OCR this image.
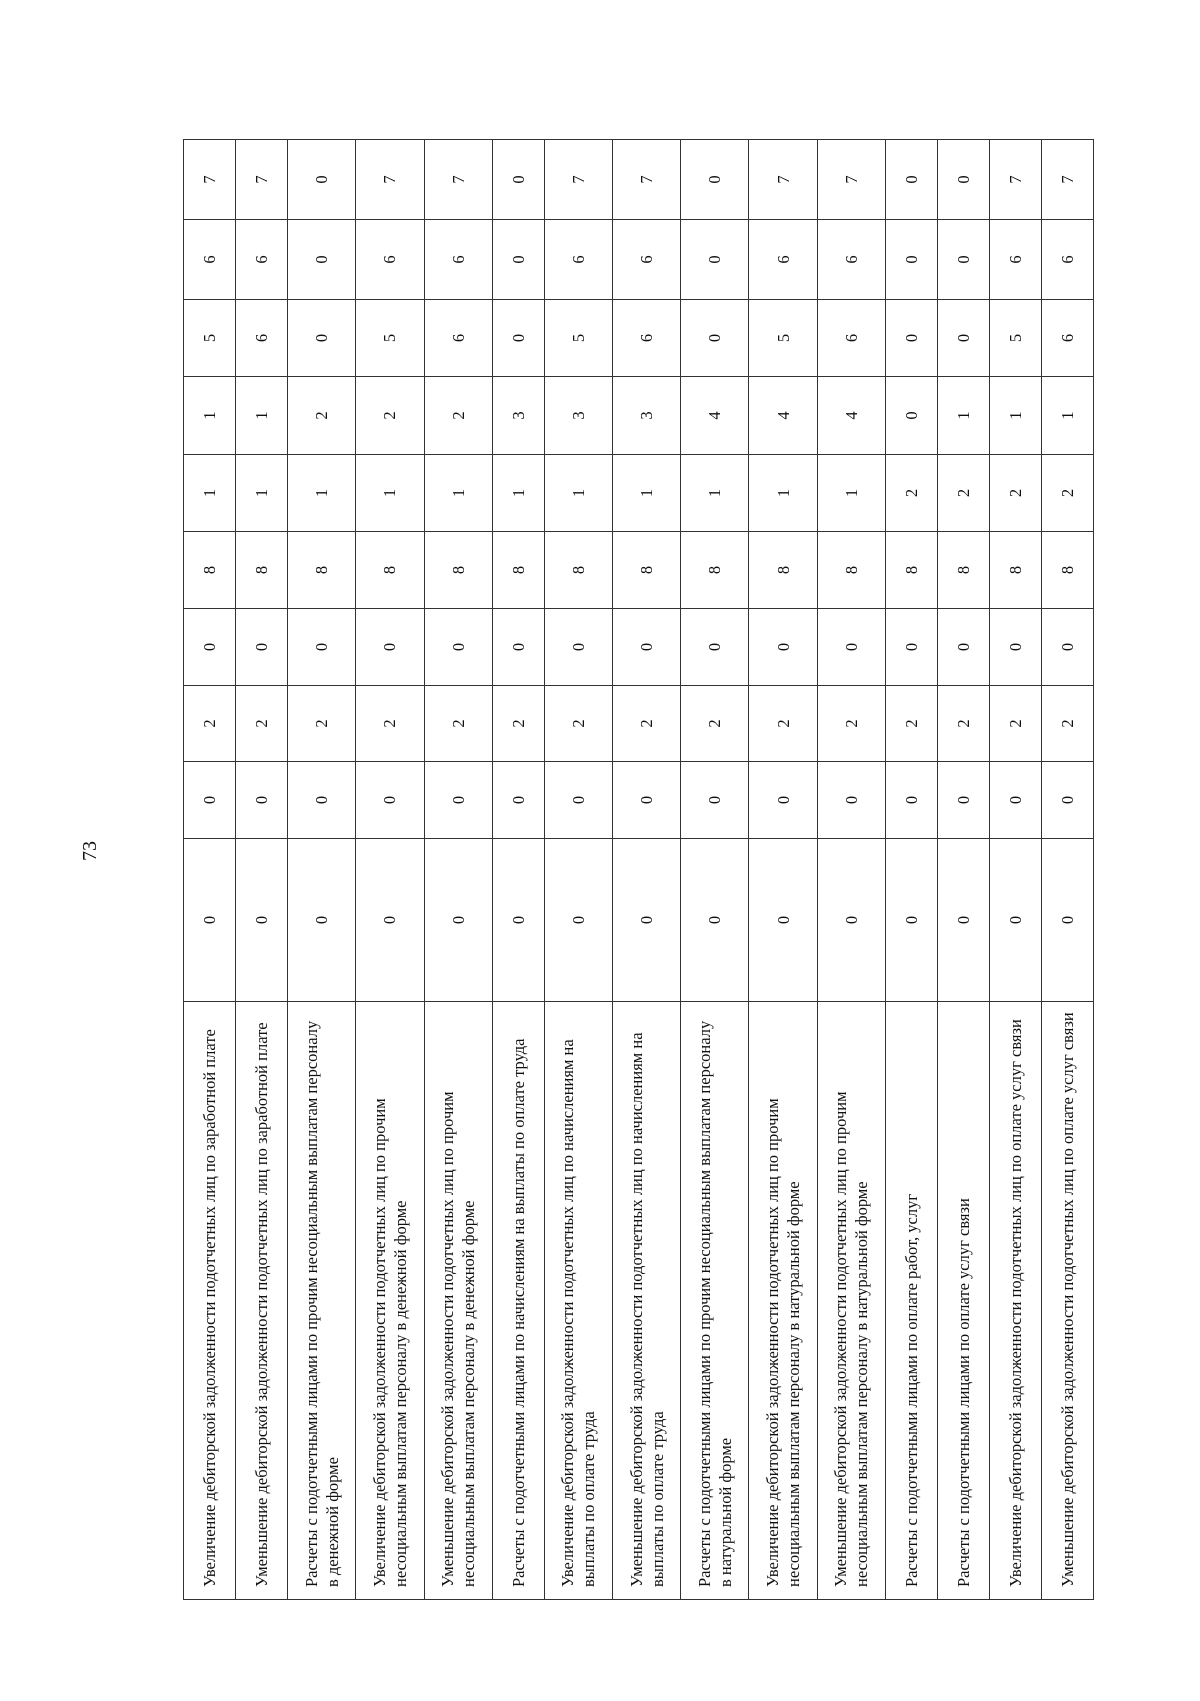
73
Увеличение дебиторской задолженности подотчетных лиц по заработной плате	0	0	2	0	8	1	1	5	6	7
Уменьшение дебиторской задолженности подотчетных лиц по заработной плате	0	0	2	0	8	1	1	6	6	7
Расчеты с подотчетными лицами по прочим несоциальным выплатам персоналу в денежной форме	0	0	2	0	8	1	2	0	0	0
Увеличение дебиторской задолженности подотчетных лиц по прочим несоциальным выплатам персоналу в денежной форме	0	0	2	0	8	1	2	5	6	7
Уменьшение дебиторской задолженности подотчетных лиц по прочим несоциальным выплатам персоналу в денежной форме	0	0	2	0	8	1	2	6	6	7
Расчеты с подотчетными лицами по начислениям на выплаты по оплате труда	0	0	2	0	8	1	3	0	0	0
Увеличение дебиторской задолженности подотчетных лиц по начислениям на выплаты по оплате труда	0	0	2	0	8	1	3	5	6	7
Уменьшение дебиторской задолженности подотчетных лиц по начислениям на выплаты по оплате труда	0	0	2	0	8	1	3	6	6	7
Расчеты с подотчетными лицами по прочим несоциальным выплатам персоналу в натуральной форме	0	0	2	0	8	1	4	0	0	0
Увеличение дебиторской задолженности подотчетных лиц по прочим несоциальным выплатам персоналу в натуральной форме	0	0	2	0	8	1	4	5	6	7
Уменьшение дебиторской задолженности подотчетных лиц по прочим несоциальным выплатам персоналу в натуральной форме	0	0	2	0	8	1	4	6	6	7
Расчеты с подотчетными лицами по оплате работ, услуг	0	0	2	0	8	2	0	0	0	0
Расчеты с подотчетными лицами по оплате услуг связи	0	0	2	0	8	2	1	0	0	0
Увеличение дебиторской задолженности подотчетных лиц по оплате услуг связи	0	0	2	0	8	2	1	5	6	7
Уменьшение дебиторской задолженности подотчетных лиц по оплате услуг связи	0	0	2	0	8	2	1	6	6	7
